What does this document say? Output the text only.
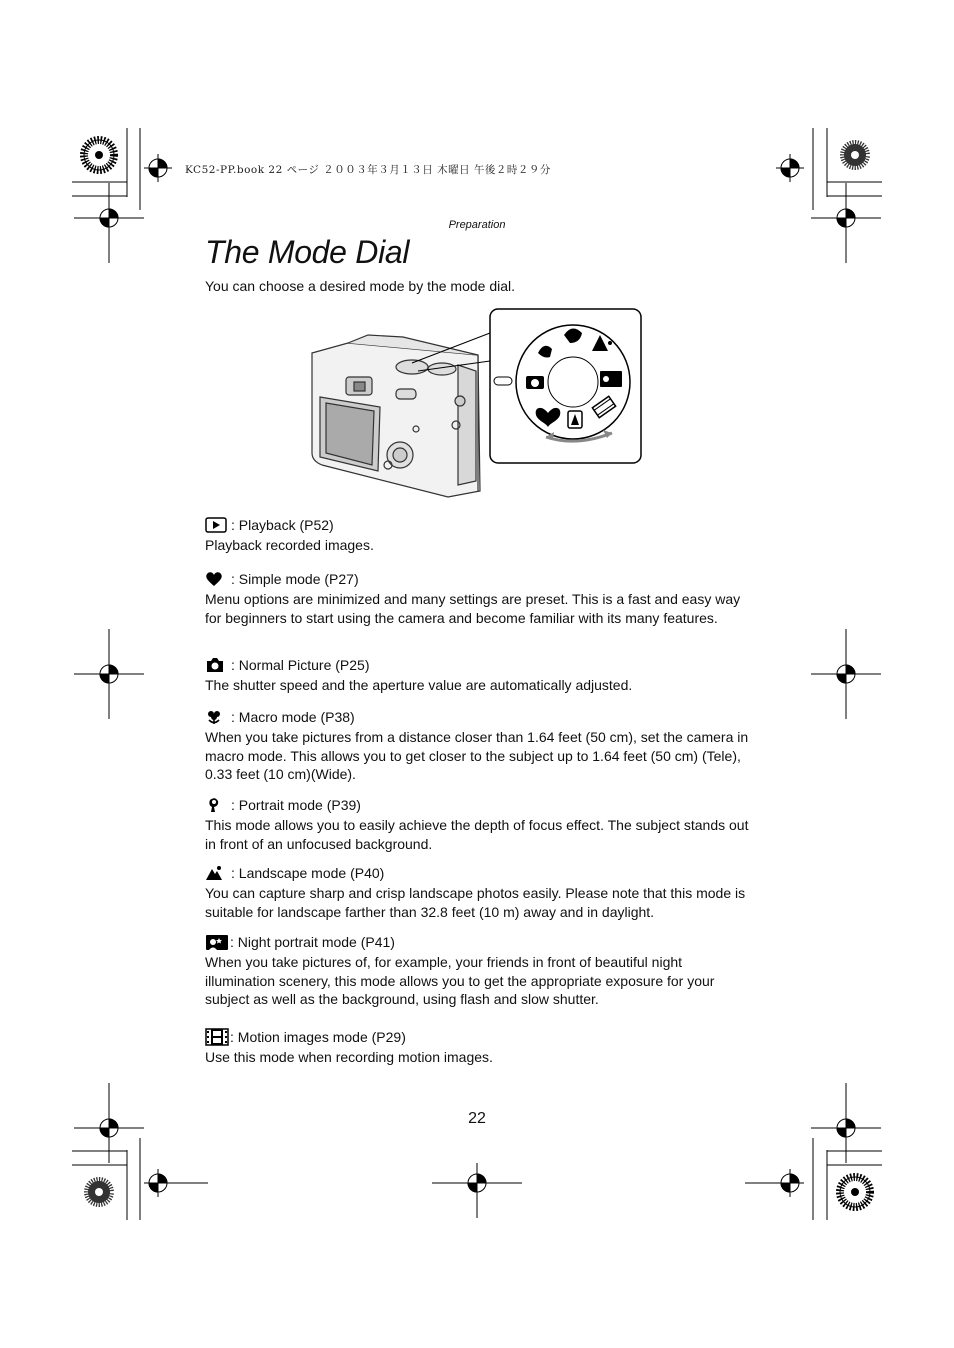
KC52-PP.book 22 ページ ２００３年３月１３日 木曜日 午後２時２９分
Preparation
The Mode Dial
You can choose a desired mode by the mode dial.
: Playback (P52)
Playback recorded images.
: Simple mode (P27)
Menu options are minimized and many settings are preset. This is a fast and easy way for beginners to start using the camera and become familiar with its many features.
: Normal Picture (P25)
The shutter speed and the aperture value are automatically adjusted.
: Macro mode (P38)
When you take pictures from a distance closer than 1.64 feet (50 cm), set the camera in macro mode. This allows you to get closer to the subject up to 1.64 feet (50 cm) (Tele), 0.33 feet (10 cm)(Wide).
: Portrait mode (P39)
This mode allows you to easily achieve the depth of focus effect. The subject stands out in front of an unfocused background.
: Landscape mode (P40)
You can capture sharp and crisp landscape photos easily. Please note that this mode is suitable for landscape farther than 32.8 feet (10 m) away and in daylight.
: Night portrait mode (P41)
When you take pictures of, for example, your friends in front of beautiful night illumination scenery, this mode allows you to get the appropriate exposure for your subject as well as the background, using flash and slow shutter.
: Motion images mode (P29)
Use this mode when recording motion images.
22
